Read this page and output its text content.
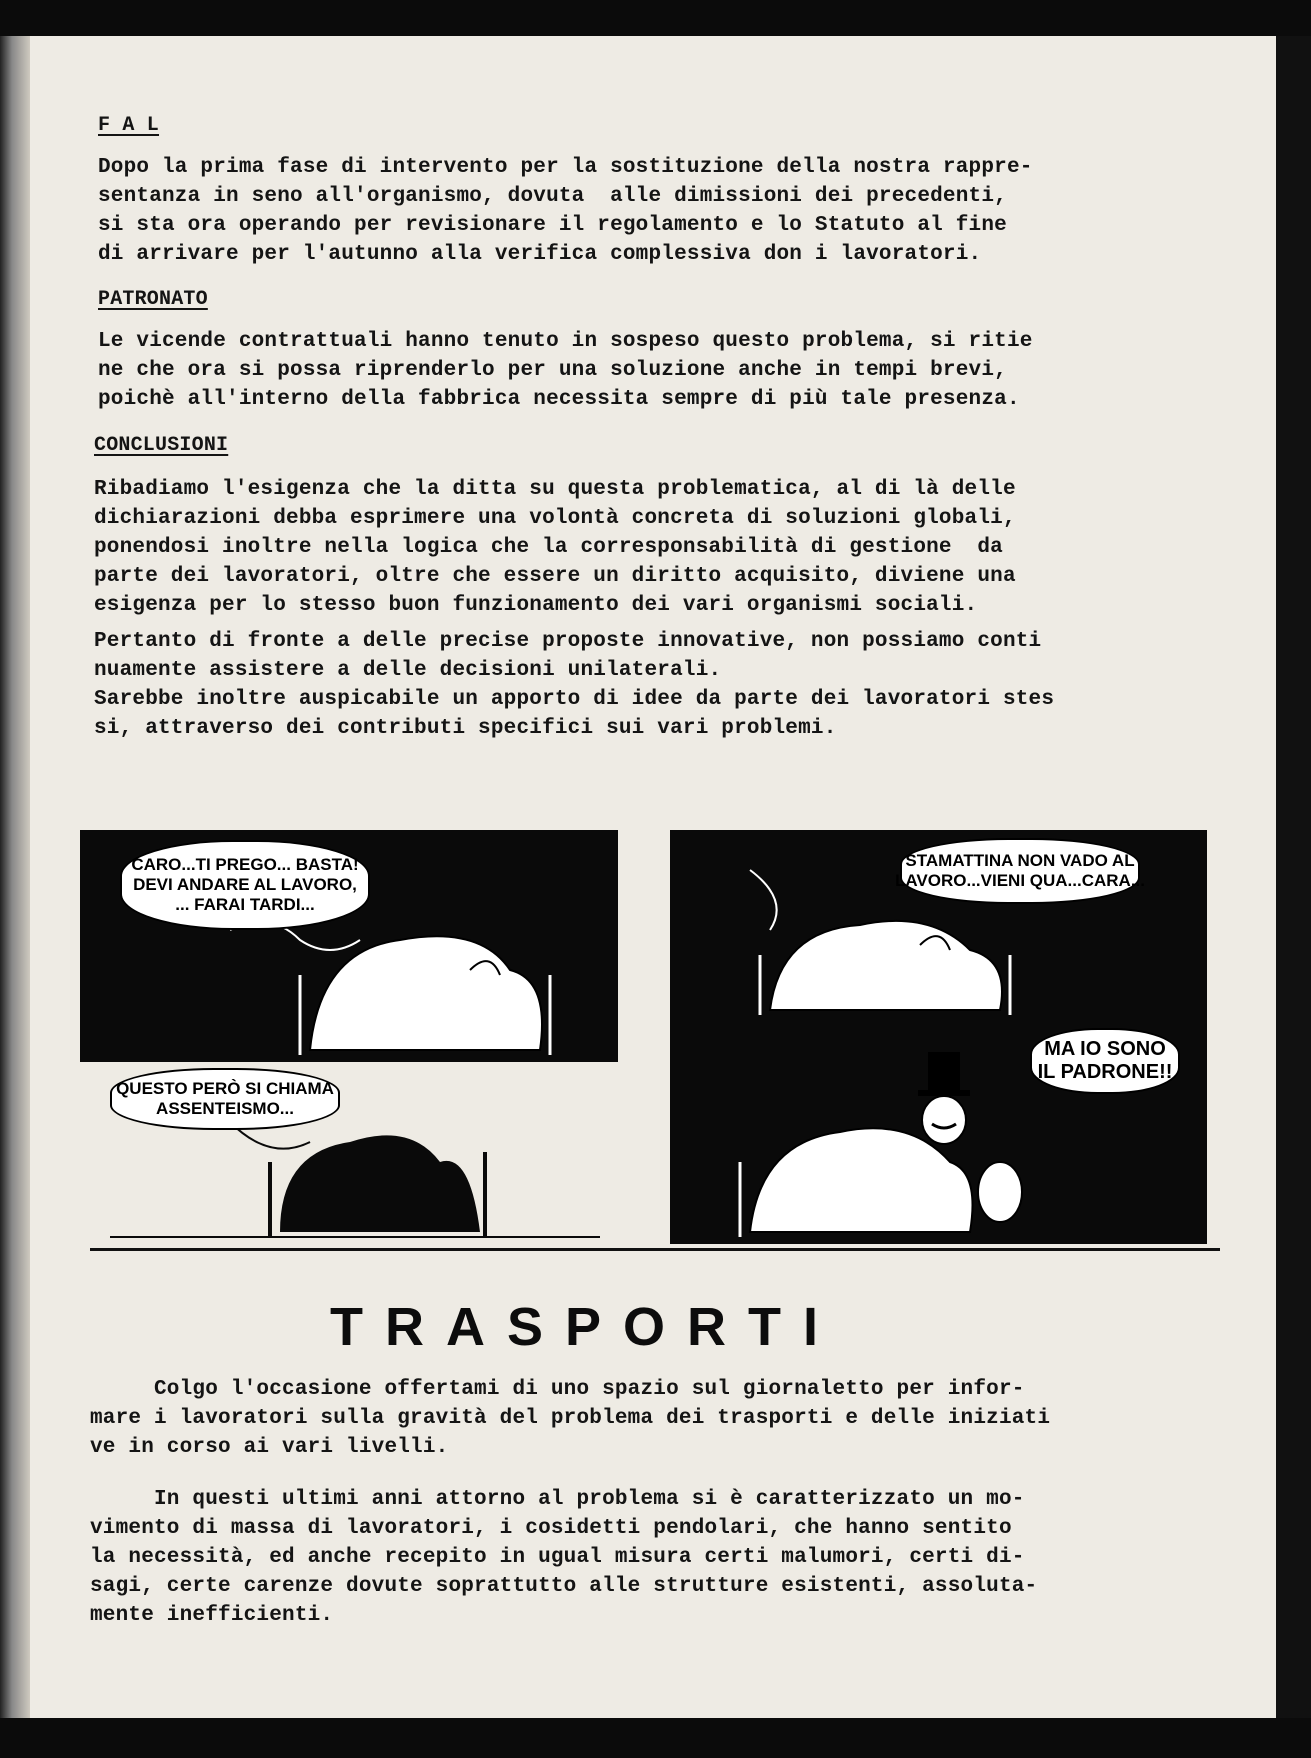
F A L
Dopo la prima fase di intervento per la sostituzione della nostra rappre-
sentanza in seno all'organismo, dovuta  alle dimissioni dei precedenti,
si sta ora operando per revisionare il regolamento e lo Statuto al fine
di arrivare per l'autunno alla verifica complessiva don i lavoratori.
PATRONATO
Le vicende contrattuali hanno tenuto in sospeso questo problema, si ritie
ne che ora si possa riprenderlo per una soluzione anche in tempi brevi,
poichè all'interno della fabbrica necessita sempre di più tale presenza.
CONCLUSIONI
Ribadiamo l'esigenza che la ditta su questa problematica, al di là delle
dichiarazioni debba esprimere una volontà concreta di soluzioni globali,
ponendosi inoltre nella logica che la corresponsabilità di gestione  da
parte dei lavoratori, oltre che essere un diritto acquisito, diviene una
esigenza per lo stesso buon funzionamento dei vari organismi sociali.
Pertanto di fronte a delle precise proposte innovative, non possiamo conti
nuamente assistere a delle decisioni unilaterali.
Sarebbe inoltre auspicabile un apporto di idee da parte dei lavoratori stes
si, attraverso dei contributi specifici sui vari problemi.
CARO...TI PREGO... BASTA!
DEVI ANDARE AL LAVORO,
... FARAI TARDI...
STAMATTINA NON VADO AL
LAVORO...VIENI QUA...CARA...
QUESTO PERÒ SI CHIAMA
ASSENTEISMO...
MA IO SONO
IL PADRONE!!
TRASPORTI
Colgo l'occasione offertami di uno spazio sul giornaletto per infor-
mare i lavoratori sulla gravità del problema dei trasporti e delle iniziati
ve in corso ai vari livelli.
In questi ultimi anni attorno al problema si è caratterizzato un mo-
vimento di massa di lavoratori, i cosidetti pendolari, che hanno sentito
la necessità, ed anche recepito in ugual misura certi malumori, certi di-
sagi, certe carenze dovute soprattutto alle strutture esistenti, assoluta-
mente inefficienti.
